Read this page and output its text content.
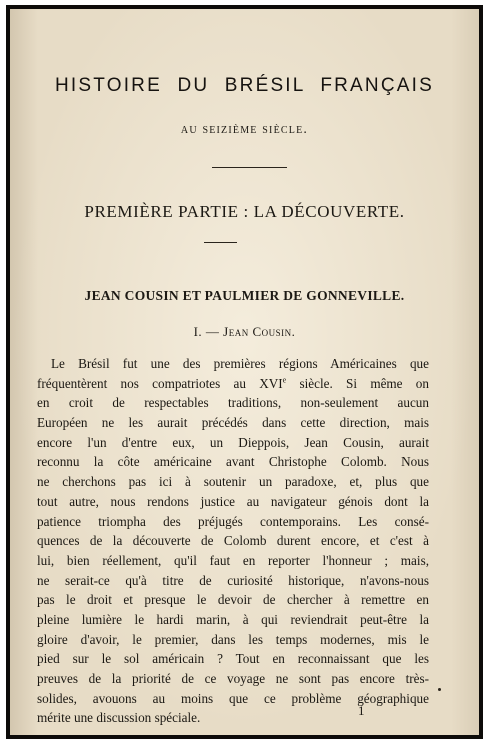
HISTOIRE DU BRÉSIL FRANÇAIS
au seizième siècle.
PREMIÈRE PARTIE : LA DÉCOUVERTE.
JEAN COUSIN ET PAULMIER DE GONNEVILLE.
I. — Jean Cousin.
Le Brésil fut une des premières régions Américaines que
fréquentèrent nos compatriotes au XVIe siècle. Si même on
en croit de respectables traditions, non-seulement aucun
Européen ne les aurait précédés dans cette direction, mais
encore l'un d'entre eux, un Dieppois, Jean Cousin, aurait
reconnu la côte américaine avant Christophe Colomb. Nous
ne cherchons pas ici à soutenir un paradoxe, et, plus que
tout autre, nous rendons justice au navigateur génois dont la
patience triompha des préjugés contemporains. Les consé-
quences de la découverte de Colomb durent encore, et c'est à
lui, bien réellement, qu'il faut en reporter l'honneur ; mais,
ne serait-ce qu'à titre de curiosité historique, n'avons-nous
pas le droit et presque le devoir de chercher à remettre en
pleine lumière le hardi marin, à qui reviendrait peut-être la
gloire d'avoir, le premier, dans les temps modernes, mis le
pied sur le sol américain ? Tout en reconnaissant que les
preuves de la priorité de ce voyage ne sont pas encore très-
solides, avouons au moins que ce problème géographique
mérite une discussion spéciale.	1
